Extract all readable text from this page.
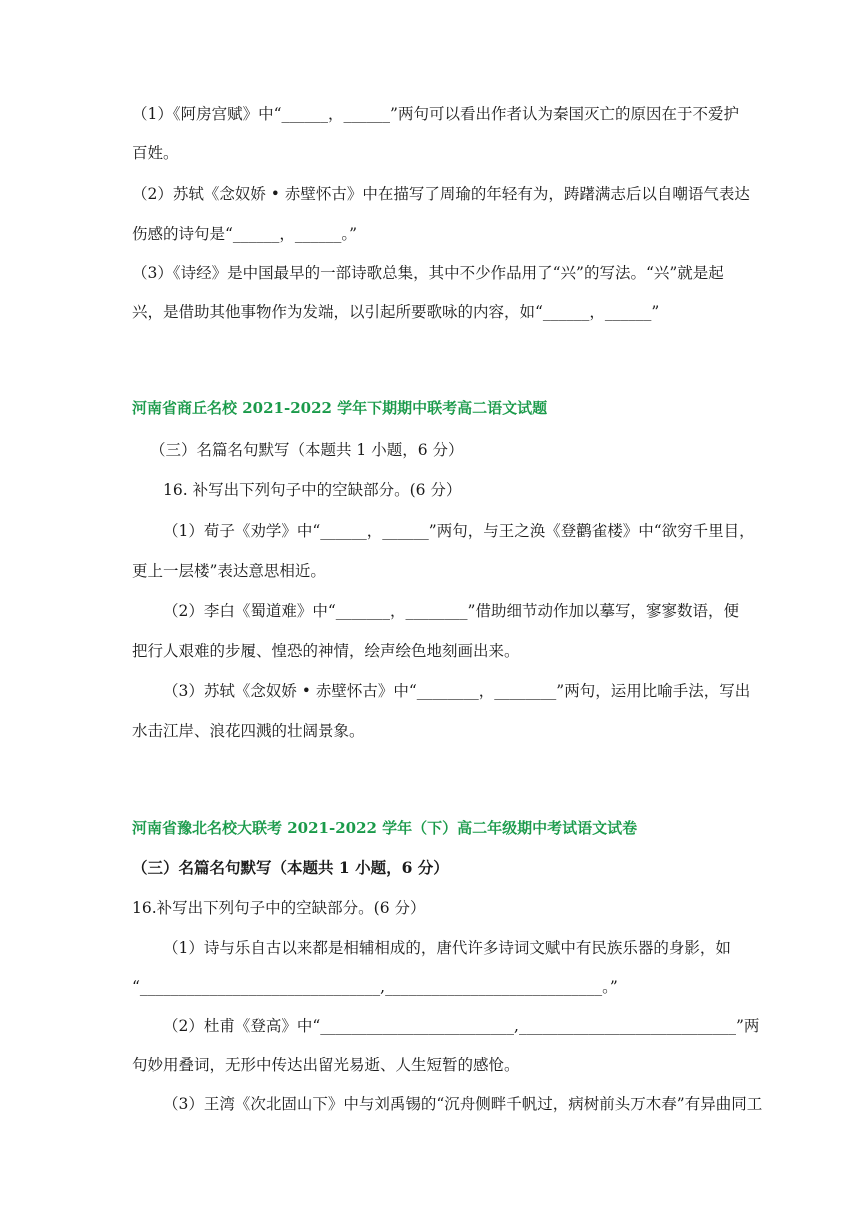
（1）《阿房宫赋》中“______，______”两句可以看出作者认为秦国灭亡的原因在于不爱护
百姓。
（2）苏轼《念奴娇 • 赤壁怀古》中在描写了周瑜的年轻有为，踌躇满志后以自嘲语气表达
伤感的诗句是“______，______。”
（3）《诗经》是中国最早的一部诗歌总集，其中不少作品用了“兴”的写法。“兴”就是起
兴，是借助其他事物作为发端，以引起所要歌咏的内容，如“______，______”
河南省商丘名校 2021-2022 学年下期期中联考高二语文试题
（三）名篇名句默写（本题共 1 小题，6 分）
16. 补写出下列句子中的空缺部分。(6 分）
（1）荀子《劝学》中“______，______”两句，与王之涣《登鹳雀楼》中“欲穷千里目，
更上一层楼”表达意思相近。
（2）李白《蜀道难》中“_______，________”借助细节动作加以摹写，寥寥数语，便
把行人艰难的步履、惶恐的神情，绘声绘色地刻画出来。
（3）苏轼《念奴娇 • 赤壁怀古》中“________，________”两句，运用比喻手法，写出
水击江岸、浪花四溅的壮阔景象。
河南省豫北名校大联考 2021-2022 学年（下）高二年级期中考试语文试卷
（三）名篇名句默写（本题共 1 小题，6 分）
16.补写出下列句子中的空缺部分。(6 分）
（1）诗与乐自古以来都是相辅相成的，唐代许多诗词文赋中有民族乐器的身影，如
“_______________________________,____________________________。”
（2）杜甫《登高》中“_________________________,____________________________”两
句妙用叠词，无形中传达出留光易逝、人生短暂的感怆。
（3）王湾《次北固山下》中与刘禹锡的“沉舟侧畔千帆过，病树前头万木春”有异曲同工
